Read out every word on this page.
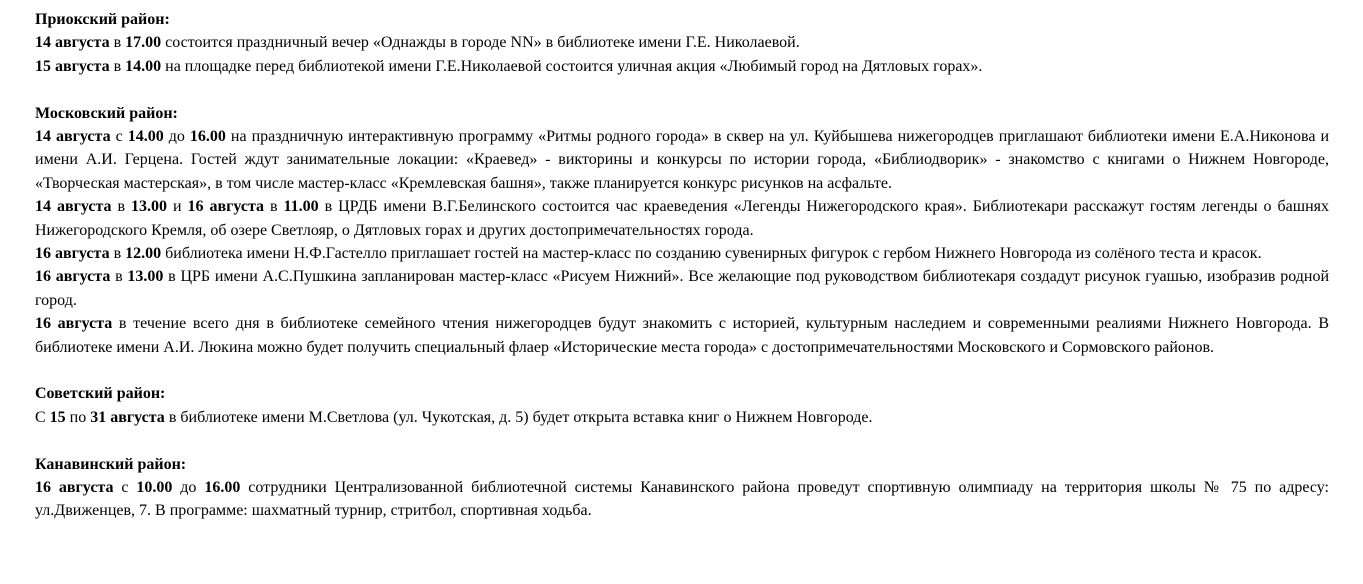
Приокский район:

14 августа в 17.00 состоится праздничный вечер «Однажды в городе NN» в библиотеке имени Г.Е. Николаевой.

15 августа в 14.00 на площадке перед библиотекой имени Г.Е.Николаевой состоится уличная акция «Любимый город на Дятловых горах».

Московский район:

14 августа с 14.00 до 16.00 на праздничную интерактивную программу «Ритмы родного города» в сквер на ул. Куйбышева нижегородцев приглашают библиотеки имени Е.А.Никонова и имени А.И. Герцена. Гостей ждут занимательные локации: «Краевед» - викторины и конкурсы по истории города, «Библиодворик» - знакомство с книгами о Нижнем Новгороде, «Творческая мастерская», в том числе мастер-класс «Кремлевская башня», также планируется конкурс рисунков на асфальте.

14 августа в 13.00 и 16 августа в 11.00 в ЦРДБ имени В.Г.Белинского состоится час краеведения «Легенды Нижегородского края». Библиотекари расскажут гостям легенды о башнях Нижегородского Кремля, об озере Светлояр, о Дятловых горах и других достопримечательностях города.

16 августа в 12.00 библиотека имени Н.Ф.Гастелло приглашает гостей на мастер-класс по созданию сувенирных фигурок с гербом Нижнего Новгорода из солёного теста и красок.

16 августа в 13.00 в ЦРБ имени А.С.Пушкина запланирован мастер-класс «Рисуем Нижний». Все желающие под руководством библиотекаря создадут рисунок гуашью, изобразив родной город.

16 августа в течение всего дня в библиотеке семейного чтения нижегородцев будут знакомить с историей, культурным наследием и современными реалиями Нижнего Новгорода. В библиотеке имени А.И. Люкина можно будет получить специальный флаер «Исторические места города» с достопримечательностями Московского и Сормовского районов.

Советский район:

С 15 по 31 августа в библиотеке имени М.Светлова (ул. Чукотская, д. 5) будет открыта вставка книг о Нижнем Новгороде.

Канавинский район:

16 августа с 10.00 до 16.00 сотрудники Централизованной библиотечной системы Канавинского района проведут спортивную олимпиаду на территория школы № 75 по адресу: ул.Движенцев, 7. В программе: шахматный турнир, стритбол, спортивная ходьба.
